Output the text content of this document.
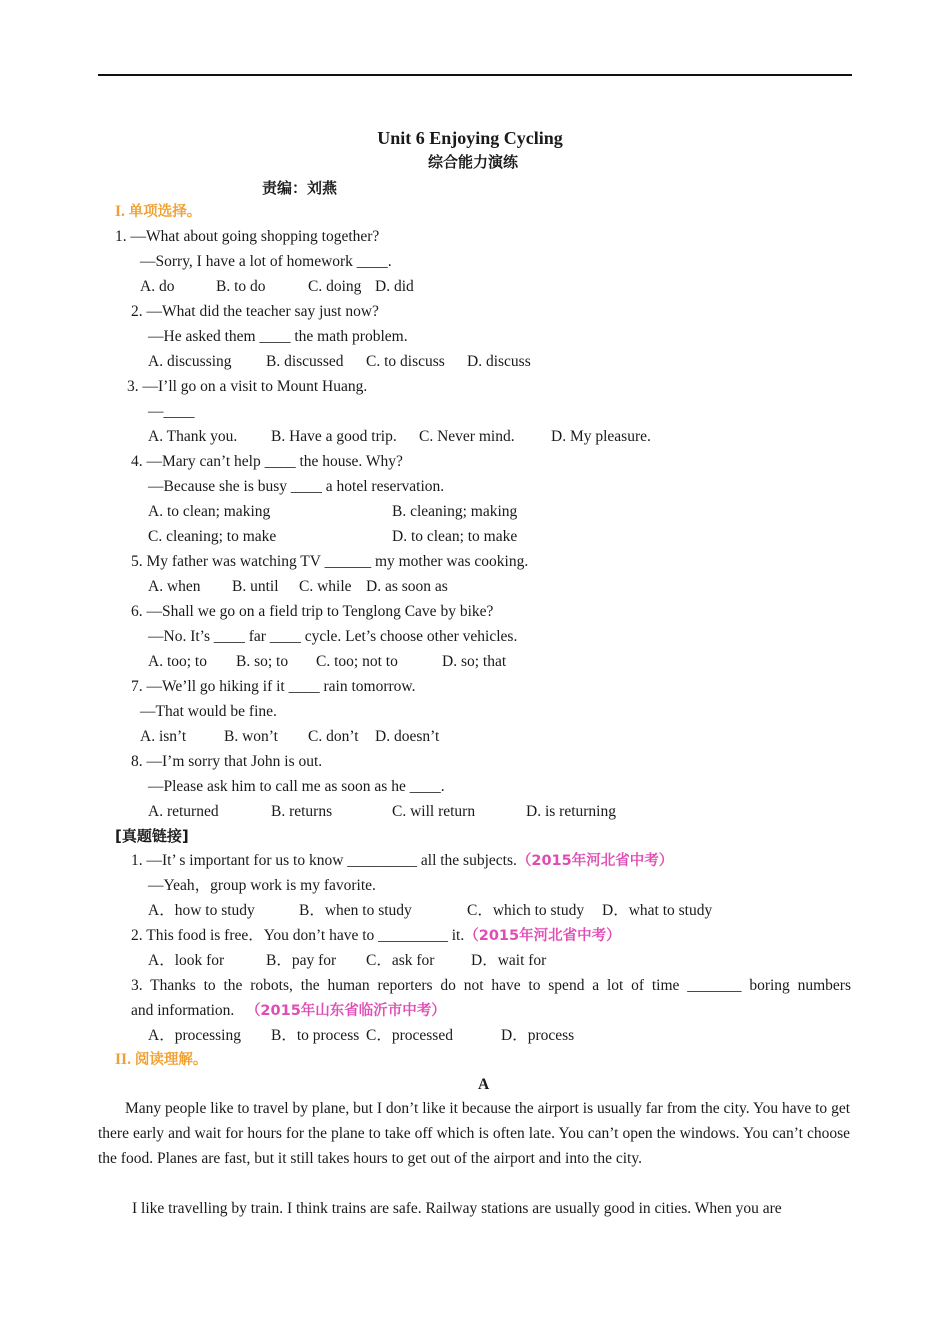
Unit 6 Enjoying Cycling
综合能力演练
责编：刘燕
I. 单项选择。
1. —What about going shopping together?
—Sorry, I have a lot of homework ____.
A. do	B. to do	C. doing D. did
2. —What did the teacher say just now?
—He asked them ____ the math problem.
A. discussing B. discussed C. to discuss D. discuss
3. —I’ll go on a visit to Mount Huang.
—____
A. Thank you. B. Have a good trip. C. Never mind. D. My pleasure.
4. —Mary can’t help ____ the house. Why?
—Because she is busy ____ a hotel reservation.
A. to clean; making	B. cleaning; making
C. cleaning; to make	D. to clean; to make
5. My father was watching TV ______ my mother was cooking.
A. when B. until C. while D. as soon as
6. —Shall we go on a field trip to Tenglong Cave by bike?
—No. It’s ____ far ____ cycle. Let’s choose other vehicles.
A. too; to B. so; to C. too; not to	D. so; that
7. —We’ll go hiking if it ____ rain tomorrow.
—That would be fine.
A. isn’t B. won’t C. don’t D. doesn’t
8. —I’m sorry that John is out.
—Please ask him to call me as soon as he ____.
A. returned	B. returns	C. will return	D. is returning
[真题链接]
1. ―It’ s important for us to know _________ all the subjects.（2015年河北省中考）
―Yeah，group work is my favorite.
A．how to study	B．when to study	C．which to study D．what to study
2. This food is free．You don’t have to _________ it.（2015年河北省中考）
A．look for	B．pay for C．ask for D．wait for
3. Thanks to the robots, the human reporters do not have to spend a lot of time _______ boring numbers
and information. （2015年山东省临沂市中考）
A．processing B．to process C．processed	D．process
II. 阅读理解。
A
Many people like to travel by plane, but I don’t like it because the airport is usually far from the city. You have to get there early and wait for hours for the plane to take off which is often late. You can’t open the windows. You can’t choose the food. Planes are fast, but it still takes hours to get out of the airport and into the city.
I like travelling by train. I think trains are safe. Railway stations are usually good in cities. When you are
